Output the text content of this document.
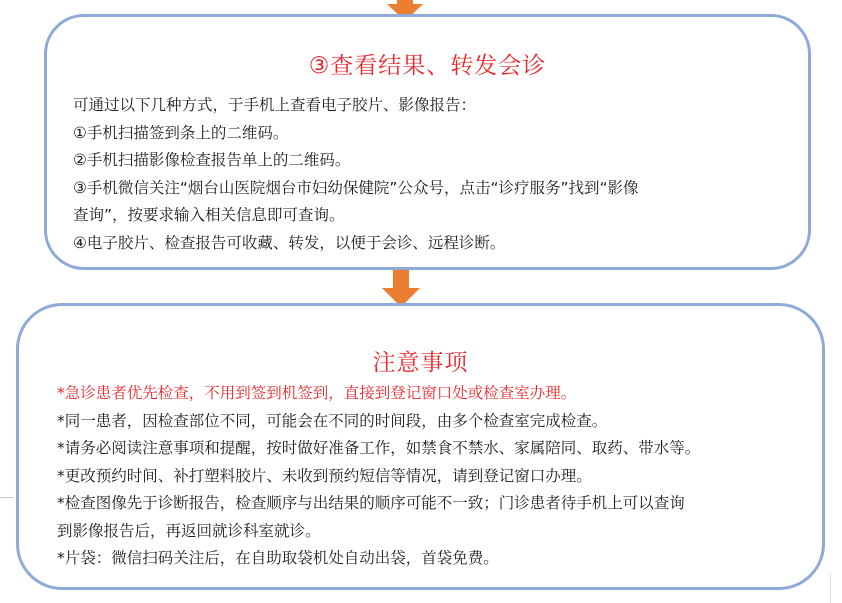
③查看结果、转发会诊
可通过以下几种方式，于手机上查看电子胶片、影像报告：
①手机扫描签到条上的二维码。
②手机扫描影像检查报告单上的二维码。
③手机微信关注“烟台山医院烟台市妇幼保健院”公众号，点击“诊疗服务”找到“影像
查询”，按要求输入相关信息即可查询。
④电子胶片、检查报告可收藏、转发，以便于会诊、远程诊断。
注意事项
*急诊患者优先检查，不用到签到机签到，直接到登记窗口处或检查室办理。
*同一患者，因检查部位不同，可能会在不同的时间段，由多个检查室完成检查。
*请务必阅读注意事项和提醒，按时做好准备工作，如禁食不禁水、家属陪同、取药、带水等。
*更改预约时间、补打塑料胶片、未收到预约短信等情况，请到登记窗口办理。
*检查图像先于诊断报告，检查顺序与出结果的顺序可能不一致；门诊患者待手机上可以查询
到影像报告后，再返回就诊科室就诊。
*片袋：微信扫码关注后，在自助取袋机处自动出袋，首袋免费。
